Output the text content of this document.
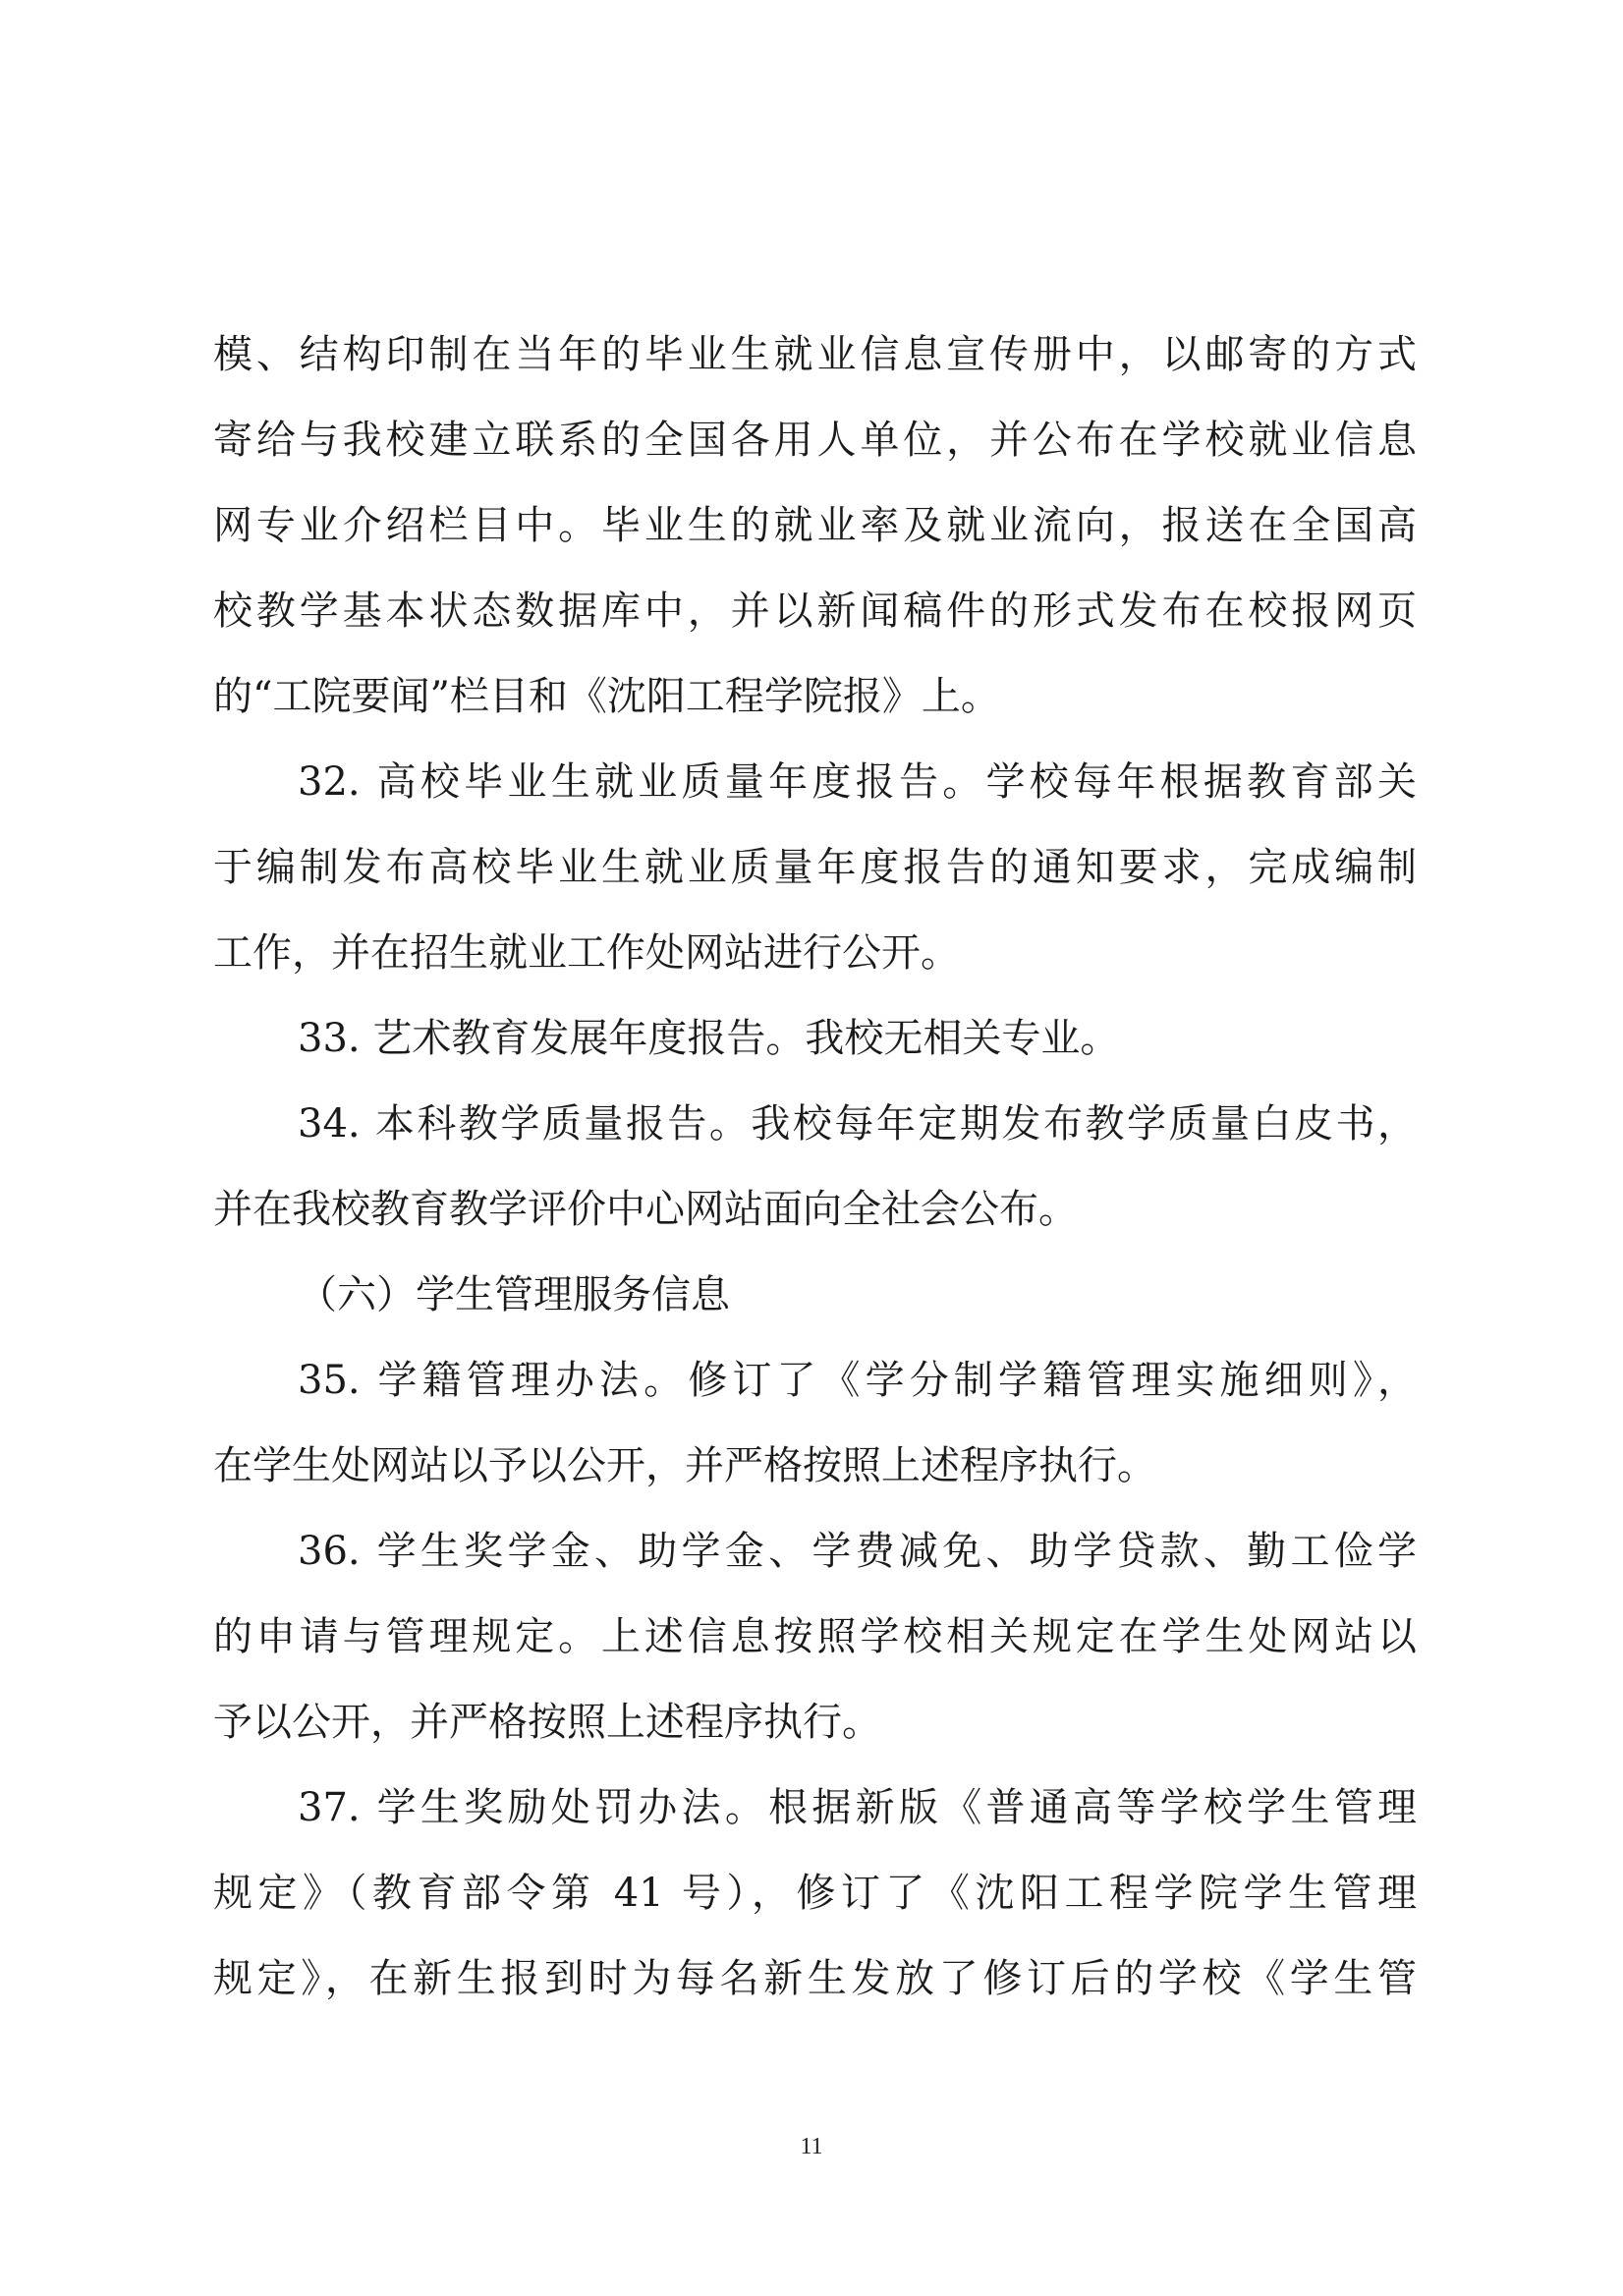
模、结构印制在当年的毕业生就业信息宣传册中，以邮寄的方式
寄给与我校建立联系的全国各用人单位，并公布在学校就业信息
网专业介绍栏目中。毕业生的就业率及就业流向，报送在全国高
校教学基本状态数据库中，并以新闻稿件的形式发布在校报网页
的“工院要闻”栏目和《沈阳工程学院报》上。
32. 高校毕业生就业质量年度报告。学校每年根据教育部关
于编制发布高校毕业生就业质量年度报告的通知要求，完成编制
工作，并在招生就业工作处网站进行公开。
33. 艺术教育发展年度报告。我校无相关专业。
34. 本科教学质量报告。我校每年定期发布教学质量白皮书，
并在我校教育教学评价中心网站面向全社会公布。
（六）学生管理服务信息
35. 学籍管理办法。修订了《学分制学籍管理实施细则》，
在学生处网站以予以公开，并严格按照上述程序执行。
36. 学生奖学金、助学金、学费减免、助学贷款、勤工俭学
的申请与管理规定。上述信息按照学校相关规定在学生处网站以
予以公开，并严格按照上述程序执行。
37. 学生奖励处罚办法。根据新版《普通高等学校学生管理
规定》（教育部令第 41 号），修订了《沈阳工程学院学生管理
规定》，在新生报到时为每名新生发放了修订后的学校《学生管
11
